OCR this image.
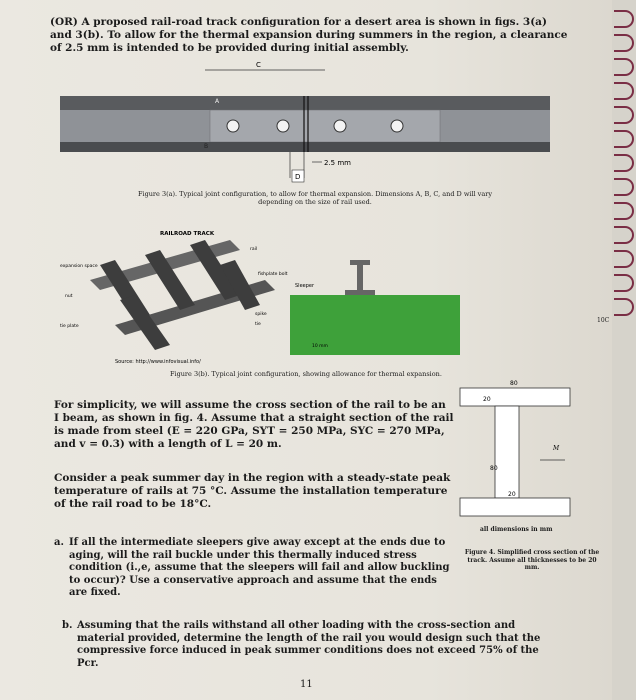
(OR) A proposed rail-road track configuration for a desert area is shown in figs. 3(a) and 3(b). To allow for the thermal expansion during summers in the region, a clearance of 2.5 mm is intended to be provided during initial assembly.
C
A
B
D
2.5 mm
Figure 3(a). Typical joint configuration, to allow for thermal expansion. Dimensions A, B, C, and D will vary depending on the size of rail used.
RAILROAD TRACK
expansion space
nut
tie plate
rail
fishplate bolt
spike
tie
Sleeper
10 mm
Source: http://www.infovisual.info/
Figure 3(b). Typical joint configuration, showing allowance for thermal expansion.
10C
For simplicity, we will assume the cross section of the rail to be an I beam, as shown in fig. 4. Assume that a straight section of the rail is made from steel (E = 220 GPa, SYT = 250 MPa, SYC = 270 MPa, and v = 0.3) with a length of L = 20 m.
Consider a peak summer day in the region with a steady-state peak temperature of rails at 75 °C. Assume the installation temperature of the rail road to be 18°C.
80
20
80
M
20
all dimensions in mm
Figure 4. Simplified cross section of the track. Assume all thicknesses to be 20 mm.
a. If all the intermediate sleepers give away except at the ends due to aging, will the rail buckle under this thermally induced stress condition (i.,e, assume that the sleepers will fail and allow buckling to occur)? Use a conservative approach and assume that the ends are fixed.
b. Assuming that the rails withstand all other loading with the cross-section and material provided, determine the length of the rail you would design such that the compressive force induced in peak summer conditions does not exceed 75% of the Pcr.
11
